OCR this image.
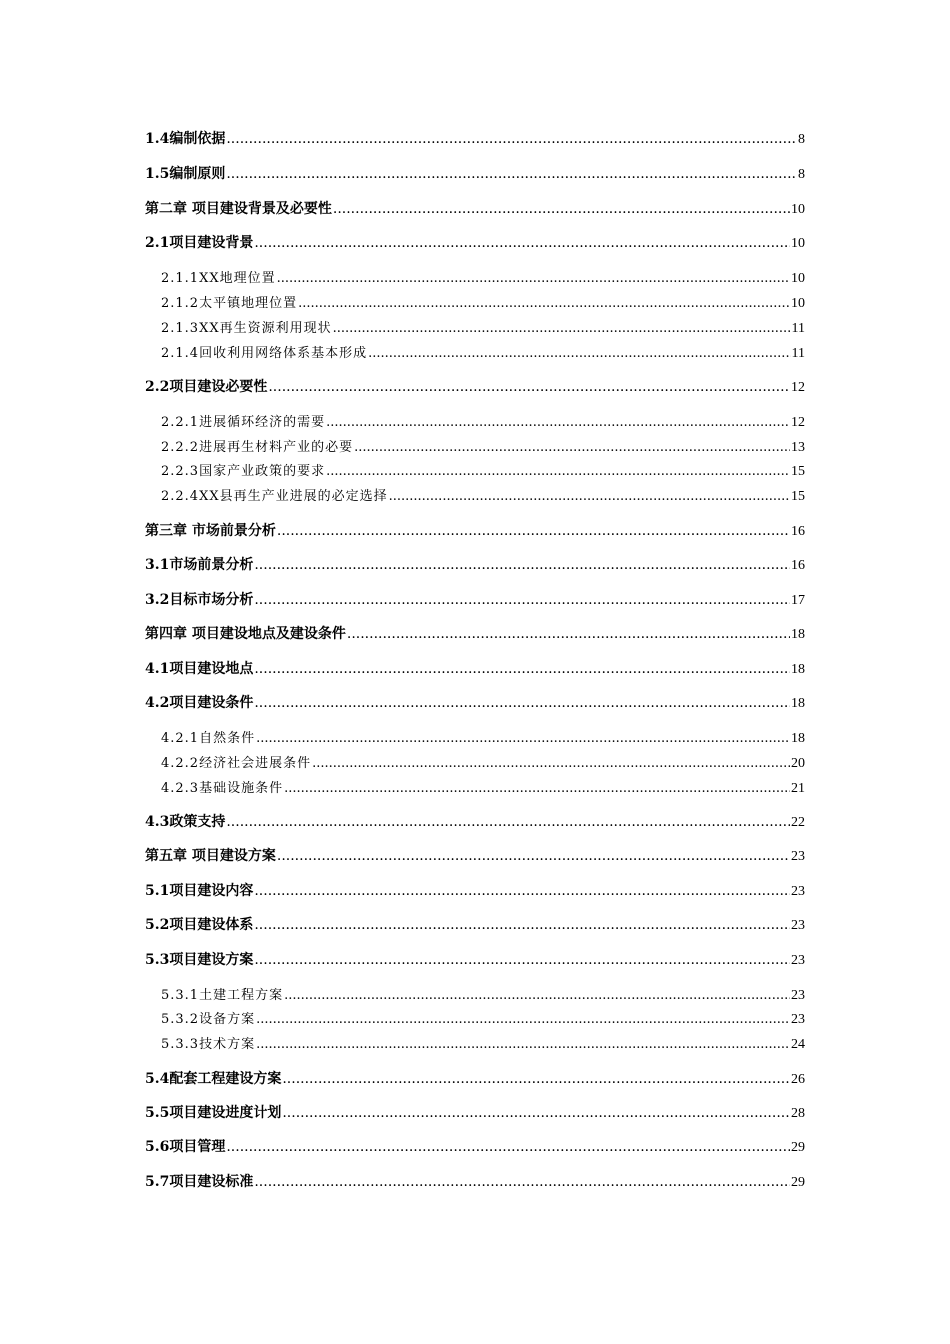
1.4编制依据 .....	8
1.5编制原则 .....	8
第二章 项目建设背景及必要性 .....	10
2.1项目建设背景 .....	10
2.1.1XX地理位置 .....	10
2.1.2太平镇地理位置 .....	10
2.1.3XX再生资源利用现状 .....	11
2.1.4回收利用网络体系基本形成 .....	11
2.2项目建设必要性 .....	12
2.2.1进展循环经济的需要 .....	12
2.2.2进展再生材料产业的必要 .....	13
2.2.3国家产业政策的要求 .....	15
2.2.4XX县再生产业进展的必定选择 .....	15
第三章 市场前景分析 .....	16
3.1市场前景分析 .....	16
3.2目标市场分析 .....	17
第四章 项目建设地点及建设条件 .....	18
4.1项目建设地点 .....	18
4.2项目建设条件 .....	18
4.2.1自然条件 .....	18
4.2.2经济社会进展条件 .....	20
4.2.3基础设施条件 .....	21
4.3政策支持 .....	22
第五章 项目建设方案 .....	23
5.1项目建设内容 .....	23
5.2项目建设体系 .....	23
5.3项目建设方案 .....	23
5.3.1土建工程方案 .....	23
5.3.2设备方案 .....	23
5.3.3技术方案 .....	24
5.4配套工程建设方案 .....	26
5.5项目建设进度计划 .....	28
5.6项目管理 .....	29
5.7项目建设标准 .....	29
